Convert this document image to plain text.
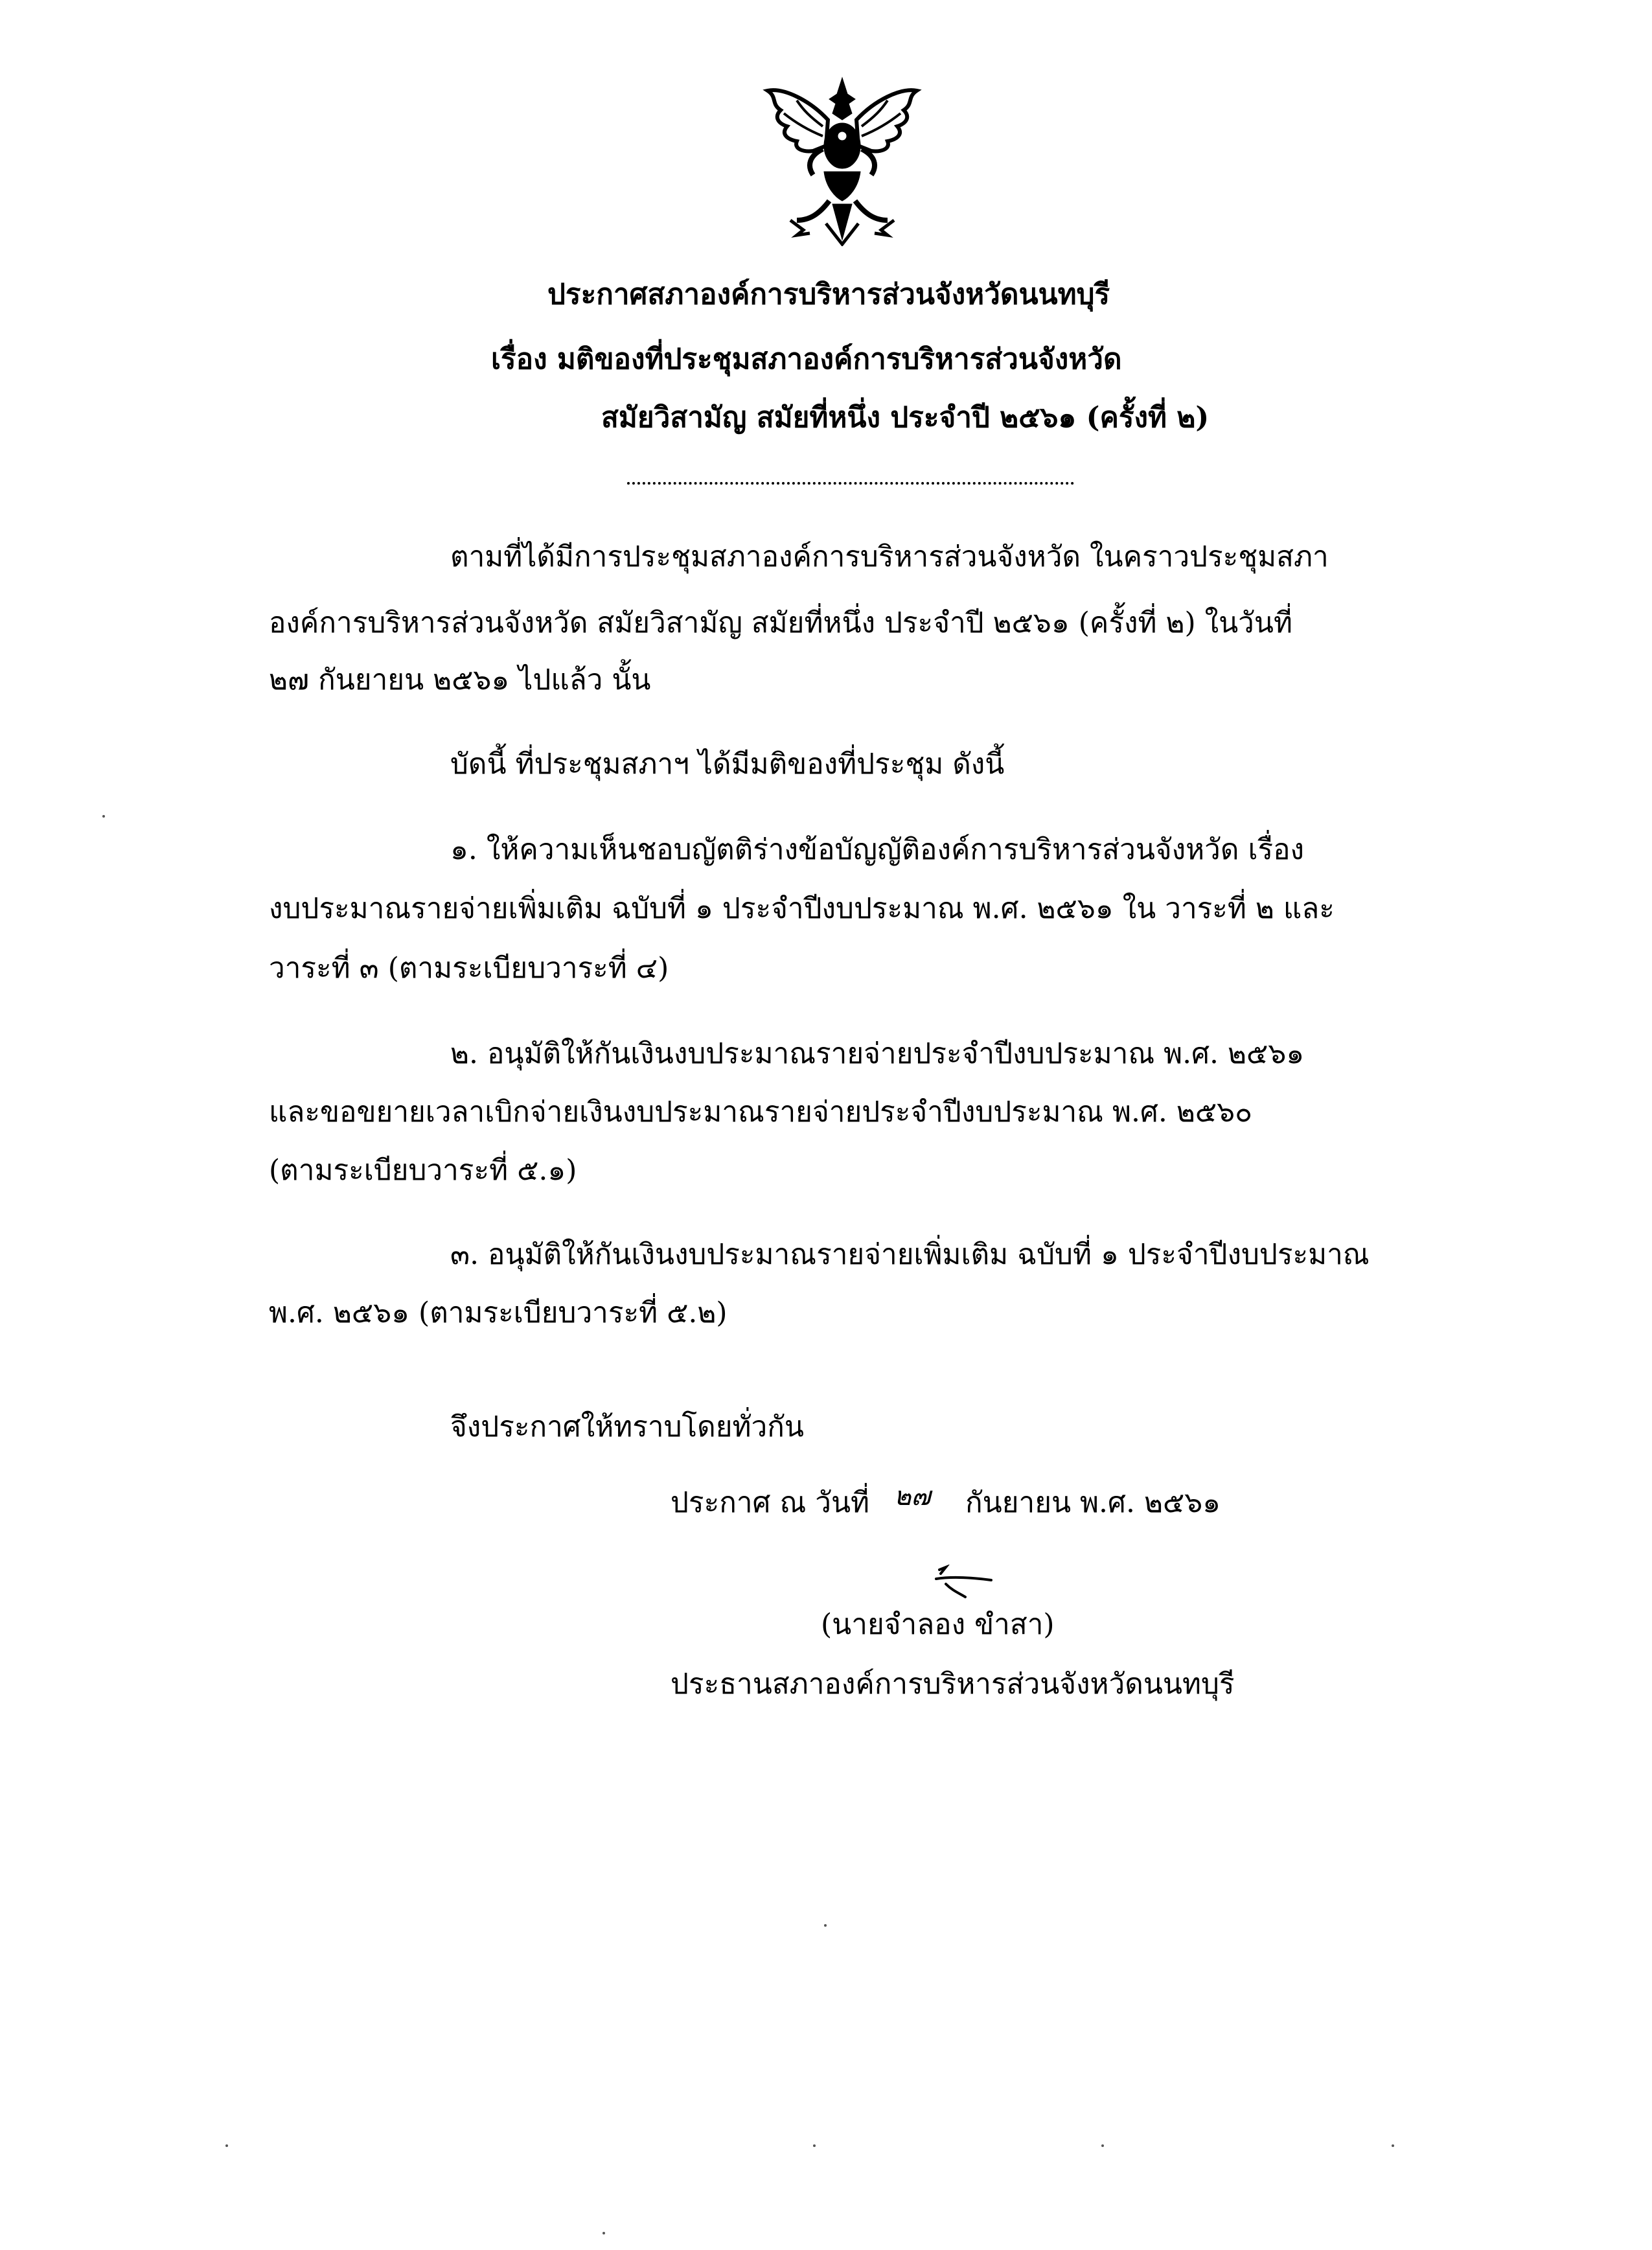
ประกาศสภาองค์การบริหารส่วนจังหวัดนนทบุรี
เรื่อง มติของที่ประชุมสภาองค์การบริหารส่วนจังหวัด
สมัยวิสามัญ สมัยที่หนึ่ง ประจำปี ๒๕๖๑ (ครั้งที่ ๒)
ตามที่ได้มีการประชุมสภาองค์การบริหารส่วนจังหวัด ในคราวประชุมสภา
องค์การบริหารส่วนจังหวัด สมัยวิสามัญ สมัยที่หนึ่ง ประจำปี ๒๕๖๑ (ครั้งที่ ๒) ในวันที่
๒๗ กันยายน ๒๕๖๑ ไปแล้ว นั้น
บัดนี้ ที่ประชุมสภาฯ ได้มีมติของที่ประชุม ดังนี้
๑. ให้ความเห็นชอบญัตติร่างข้อบัญญัติองค์การบริหารส่วนจังหวัด เรื่อง
งบประมาณรายจ่ายเพิ่มเติม ฉบับที่ ๑ ประจำปีงบประมาณ พ.ศ. ๒๕๖๑ ใน วาระที่ ๒ และ
วาระที่ ๓ (ตามระเบียบวาระที่ ๔)
๒. อนุมัติให้กันเงินงบประมาณรายจ่ายประจำปีงบประมาณ พ.ศ. ๒๕๖๑
และขอขยายเวลาเบิกจ่ายเงินงบประมาณรายจ่ายประจำปีงบประมาณ พ.ศ. ๒๕๖๐
(ตามระเบียบวาระที่ ๕.๑)
๓. อนุมัติให้กันเงินงบประมาณรายจ่ายเพิ่มเติม ฉบับที่ ๑ ประจำปีงบประมาณ
พ.ศ. ๒๕๖๑ (ตามระเบียบวาระที่ ๕.๒)
จึงประกาศให้ทราบโดยทั่วกัน
ประกาศ ณ วันที่ ๒๗ กันยายน พ.ศ. ๒๕๖๑
(นายจำลอง ขำสา)
ประธานสภาองค์การบริหารส่วนจังหวัดนนทบุรี
